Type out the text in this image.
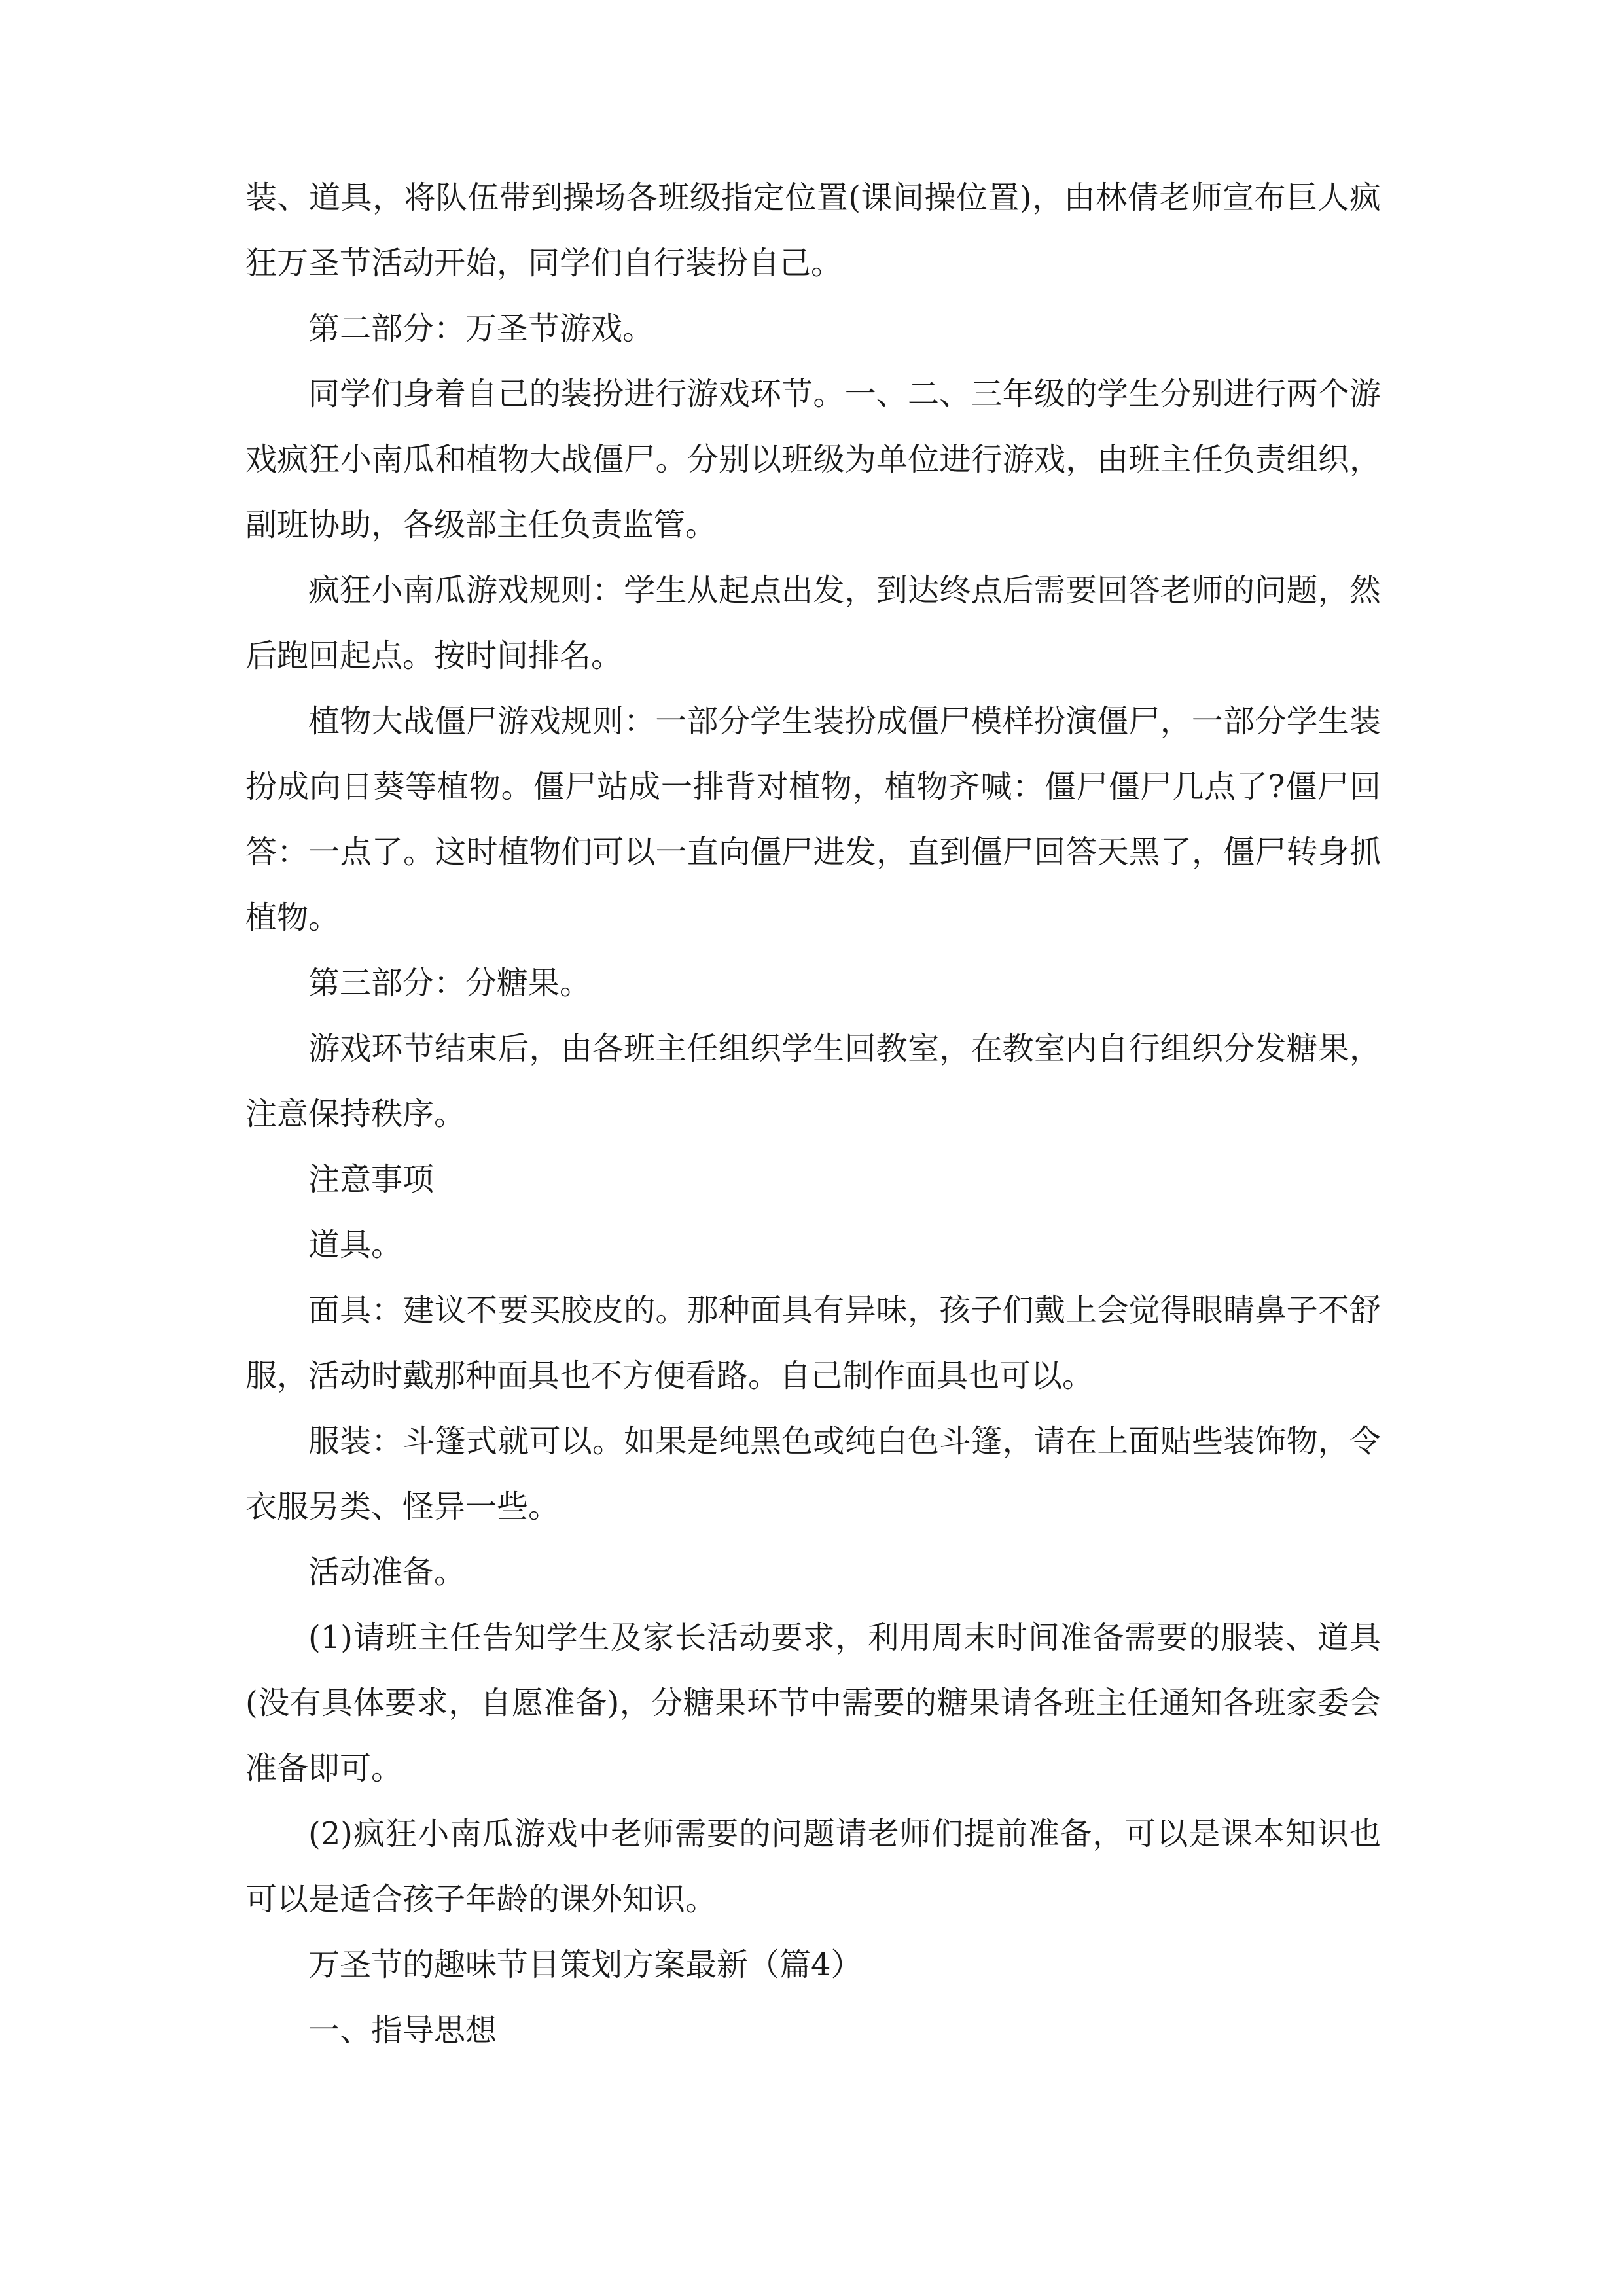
装、道具，将队伍带到操场各班级指定位置(课间操位置)，由林倩老师宣布巨人疯狂万圣节活动开始，同学们自行装扮自己。

第二部分：万圣节游戏。

同学们身着自己的装扮进行游戏环节。一、二、三年级的学生分别进行两个游戏疯狂小南瓜和植物大战僵尸。分别以班级为单位进行游戏，由班主任负责组织，副班协助，各级部主任负责监管。

疯狂小南瓜游戏规则：学生从起点出发，到达终点后需要回答老师的问题，然后跑回起点。按时间排名。

植物大战僵尸游戏规则：一部分学生装扮成僵尸模样扮演僵尸，一部分学生装扮成向日葵等植物。僵尸站成一排背对植物，植物齐喊：僵尸僵尸几点了?僵尸回答：一点了。这时植物们可以一直向僵尸进发，直到僵尸回答天黑了，僵尸转身抓植物。

第三部分：分糖果。

游戏环节结束后，由各班主任组织学生回教室，在教室内自行组织分发糖果，注意保持秩序。

注意事项

道具。

面具：建议不要买胶皮的。那种面具有异味，孩子们戴上会觉得眼睛鼻子不舒服，活动时戴那种面具也不方便看路。自己制作面具也可以。

服装：斗篷式就可以。如果是纯黑色或纯白色斗篷，请在上面贴些装饰物，令衣服另类、怪异一些。

活动准备。

(1)请班主任告知学生及家长活动要求，利用周末时间准备需要的服装、道具(没有具体要求，自愿准备)，分糖果环节中需要的糖果请各班主任通知各班家委会准备即可。

(2)疯狂小南瓜游戏中老师需要的问题请老师们提前准备，可以是课本知识也可以是适合孩子年龄的课外知识。

万圣节的趣味节目策划方案最新（篇4）

一、指导思想
